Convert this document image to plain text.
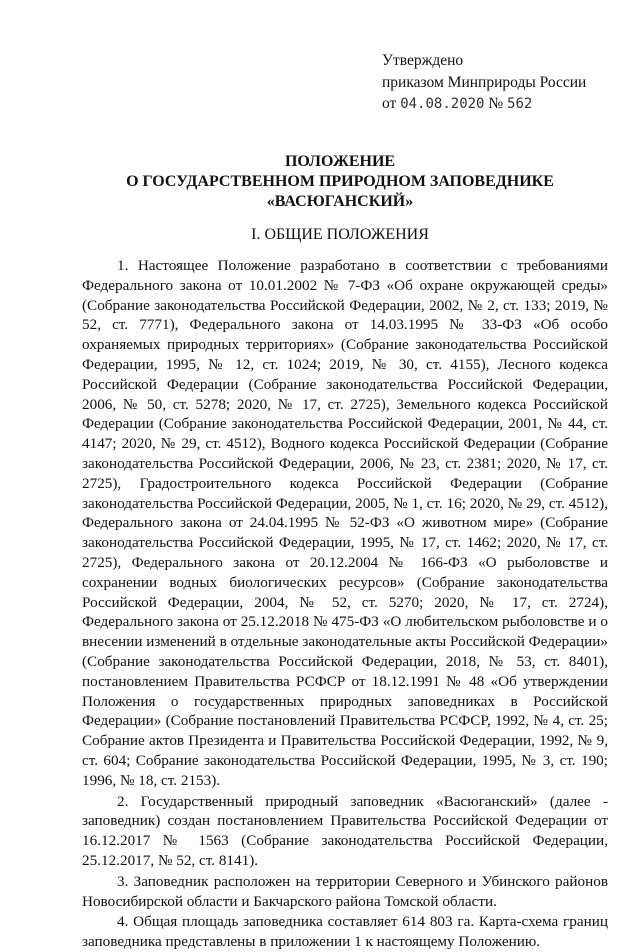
Утверждено
приказом Минприроды России
от 04.08.2020 № 562
ПОЛОЖЕНИЕ
О ГОСУДАРСТВЕННОМ ПРИРОДНОМ ЗАПОВЕДНИКЕ
«ВАСЮГАНСКИЙ»
I. ОБЩИЕ ПОЛОЖЕНИЯ

1. Настоящее Положение разработано в соответствии с требованиями Федерального закона от 10.01.2002 № 7-ФЗ «Об охране окружающей среды» (Собрание законодательства Российской Федерации, 2002, № 2, ст. 133; 2019, № 52, ст. 7771), Федерального закона от 14.03.1995 № 33-ФЗ «Об особо охраняемых природных территориях» (Собрание законодательства Российской Федерации, 1995, № 12, ст. 1024; 2019, № 30, ст. 4155), Лесного кодекса Российской Федерации (Собрание законодательства Российской Федерации, 2006, № 50, ст. 5278; 2020, № 17, ст. 2725), Земельного кодекса Российской Федерации (Собрание законодательства Российской Федерации, 2001, № 44, ст. 4147; 2020, № 29, ст. 4512), Водного кодекса Российской Федерации (Собрание законодательства Российской Федерации, 2006, № 23, ст. 2381; 2020, № 17, ст. 2725), Градостроительного кодекса Российской Федерации (Собрание законодательства Российской Федерации, 2005, № 1, ст. 16; 2020, № 29, ст. 4512), Федерального закона от 24.04.1995 № 52-ФЗ «О животном мире» (Собрание законодательства Российской Федерации, 1995, № 17, ст. 1462; 2020, № 17, ст. 2725), Федерального закона от 20.12.2004 № 166-ФЗ «О рыболовстве и сохранении водных биологических ресурсов» (Собрание законодательства Российской Федерации, 2004, № 52, ст. 5270; 2020, № 17, ст. 2724), Федерального закона от 25.12.2018 № 475-ФЗ «О любительском рыболовстве и о внесении изменений в отдельные законодательные акты Российской Федерации» (Собрание законодательства Российской Федерации, 2018, № 53, ст. 8401), постановлением Правительства РСФСР от 18.12.1991 № 48 «Об утверждении Положения о государственных природных заповедниках в Российской Федерации» (Собрание постановлений Правительства РСФСР, 1992, № 4, ст. 25; Собрание актов Президента и Правительства Российской Федерации, 1992, № 9, ст. 604; Собрание законодательства Российской Федерации, 1995, № 3, ст. 190; 1996, № 18, ст. 2153).

2. Государственный природный заповедник «Васюганский» (далее - заповедник) создан постановлением Правительства Российской Федерации от 16.12.2017 № 1563 (Собрание законодательства Российской Федерации, 25.12.2017, № 52, ст. 8141).

3. Заповедник расположен на территории Северного и Убинского районов Новосибирской области и Бакчарского района Томской области.

4. Общая площадь заповедника составляет 614 803 га. Карта-схема границ заповедника представлены в приложении 1 к настоящему Положению.
